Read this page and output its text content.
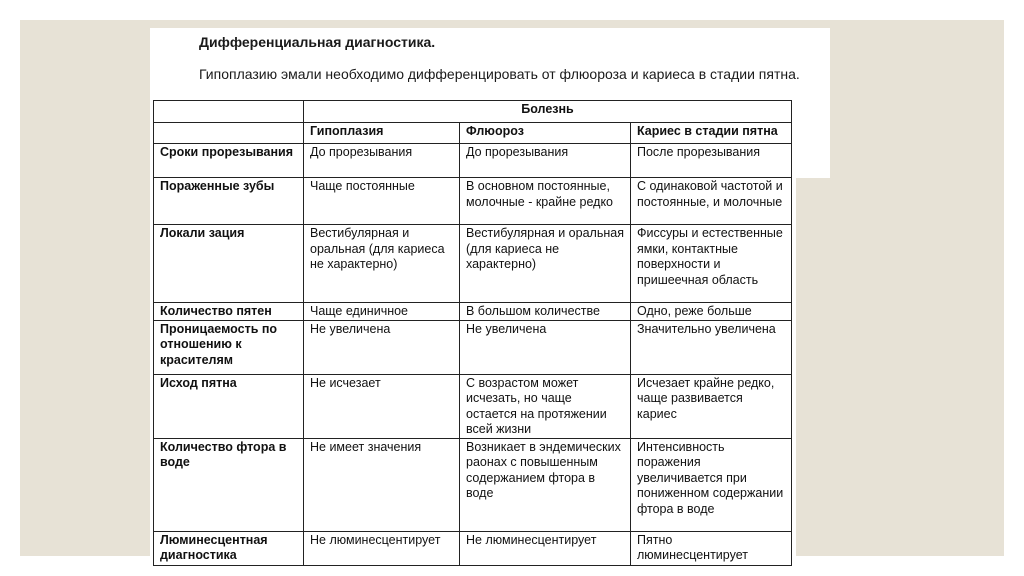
Дифференциальная диагностика.
Гипоплазию эмали необходимо дифференцировать от флюороза и кариеса в стадии пятна.
	Болезнь		
	Гипоплазия	Флюороз	Кариес в стадии пятна
Сроки прорезывания	До прорезывания	До прорезывания	После прорезывания
Пораженные зубы	Чаще постоянные	В основном постоянные, молочные - крайне редко	С одинаковой частотой и постоянные, и молочные
Локали зация	Вестибулярная и оральная (для кариеса не характерно)	Вестибулярная и оральная (для кариеса не характерно)	Фиссуры и естественные ямки, контактные поверхности и пришеечная область
Количество пятен	Чаще единичное	В большом количестве	Одно, реже больше
Проницаемость по отношению к красителям	Не увеличена	Не увеличена	Значительно увеличена
Исход пятна	Не исчезает	С возрастом может исчезать, но чаще остается на протяжении всей жизни	Исчезает крайне редко, чаще развивается кариес
Количество фтора в воде	Не имеет значения	Возникает в эндемических раонах с повышенным содержанием фтора в воде	Интенсивность поражения увеличивается при пониженном содержании фтора в воде
Люминесцентная диагностика	Не люминесцентирует	Не люминесцентирует	Пятно люминесцентирует
